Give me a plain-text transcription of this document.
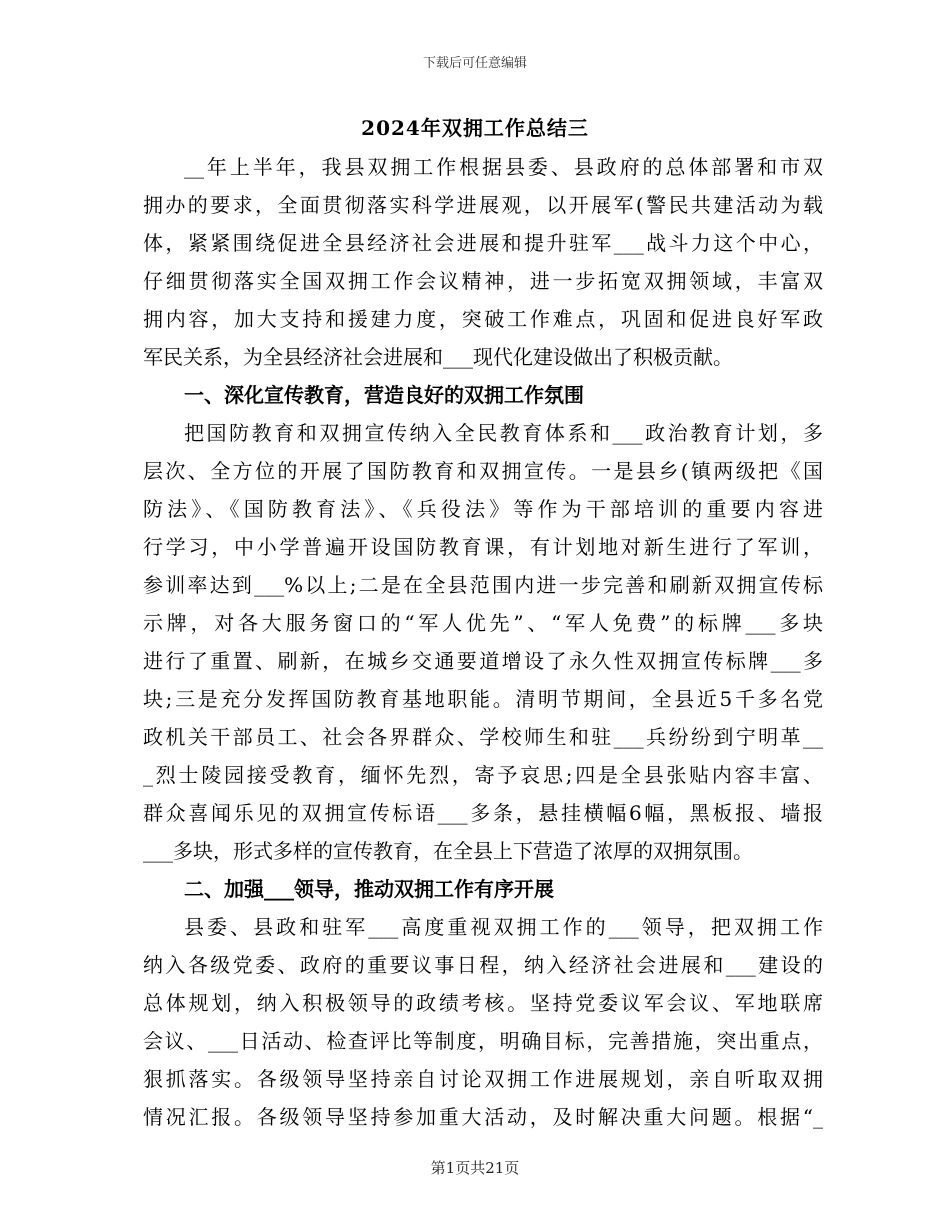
下载后可任意编辑
2024年双拥工作总结三
__年上半年，我县双拥工作根据县委、县政府的总体部署和市双
拥办的要求，全面贯彻落实科学进展观，以开展军(警民共建活动为载
体，紧紧围绕促进全县经济社会进展和提升驻军___战斗力这个中心，
仔细贯彻落实全国双拥工作会议精神，进一步拓宽双拥领域，丰富双
拥内容，加大支持和援建力度，突破工作难点，巩固和促进良好军政
军民关系，为全县经济社会进展和___现代化建设做出了积极贡献。
一、深化宣传教育，营造良好的双拥工作氛围
把国防教育和双拥宣传纳入全民教育体系和___政治教育计划，多
层次、全方位的开展了国防教育和双拥宣传。一是县乡(镇两级把《国
防法》、《国防教育法》、《兵役法》等作为干部培训的重要内容进
行学习，中小学普遍开设国防教育课，有计划地对新生进行了军训，
参训率达到___%以上;二是在全县范围内进一步完善和刷新双拥宣传标
示牌，对各大服务窗口的“军人优先”、“军人免费”的标牌___多块
进行了重置、刷新，在城乡交通要道增设了永久性双拥宣传标牌___多
块;三是充分发挥国防教育基地职能。清明节期间，全县近5千多名党
政机关干部员工、社会各界群众、学校师生和驻___兵纷纷到宁明革__
_烈士陵园接受教育，缅怀先烈，寄予哀思;四是全县张贴内容丰富、
群众喜闻乐见的双拥宣传标语___多条，悬挂横幅6幅，黑板报、墙报
___多块，形式多样的宣传教育，在全县上下营造了浓厚的双拥氛围。
二、加强___领导，推动双拥工作有序开展
县委、县政和驻军___高度重视双拥工作的___领导，把双拥工作
纳入各级党委、政府的重要议事日程，纳入经济社会进展和___建设的
总体规划，纳入积极领导的政绩考核。坚持党委议军会议、军地联席
会议、___日活动、检查评比等制度，明确目标，完善措施，突出重点，
狠抓落实。各级领导坚持亲自讨论双拥工作进展规划，亲自听取双拥
情况汇报。各级领导坚持参加重大活动，及时解决重大问题。根据“_
第1页共21页
